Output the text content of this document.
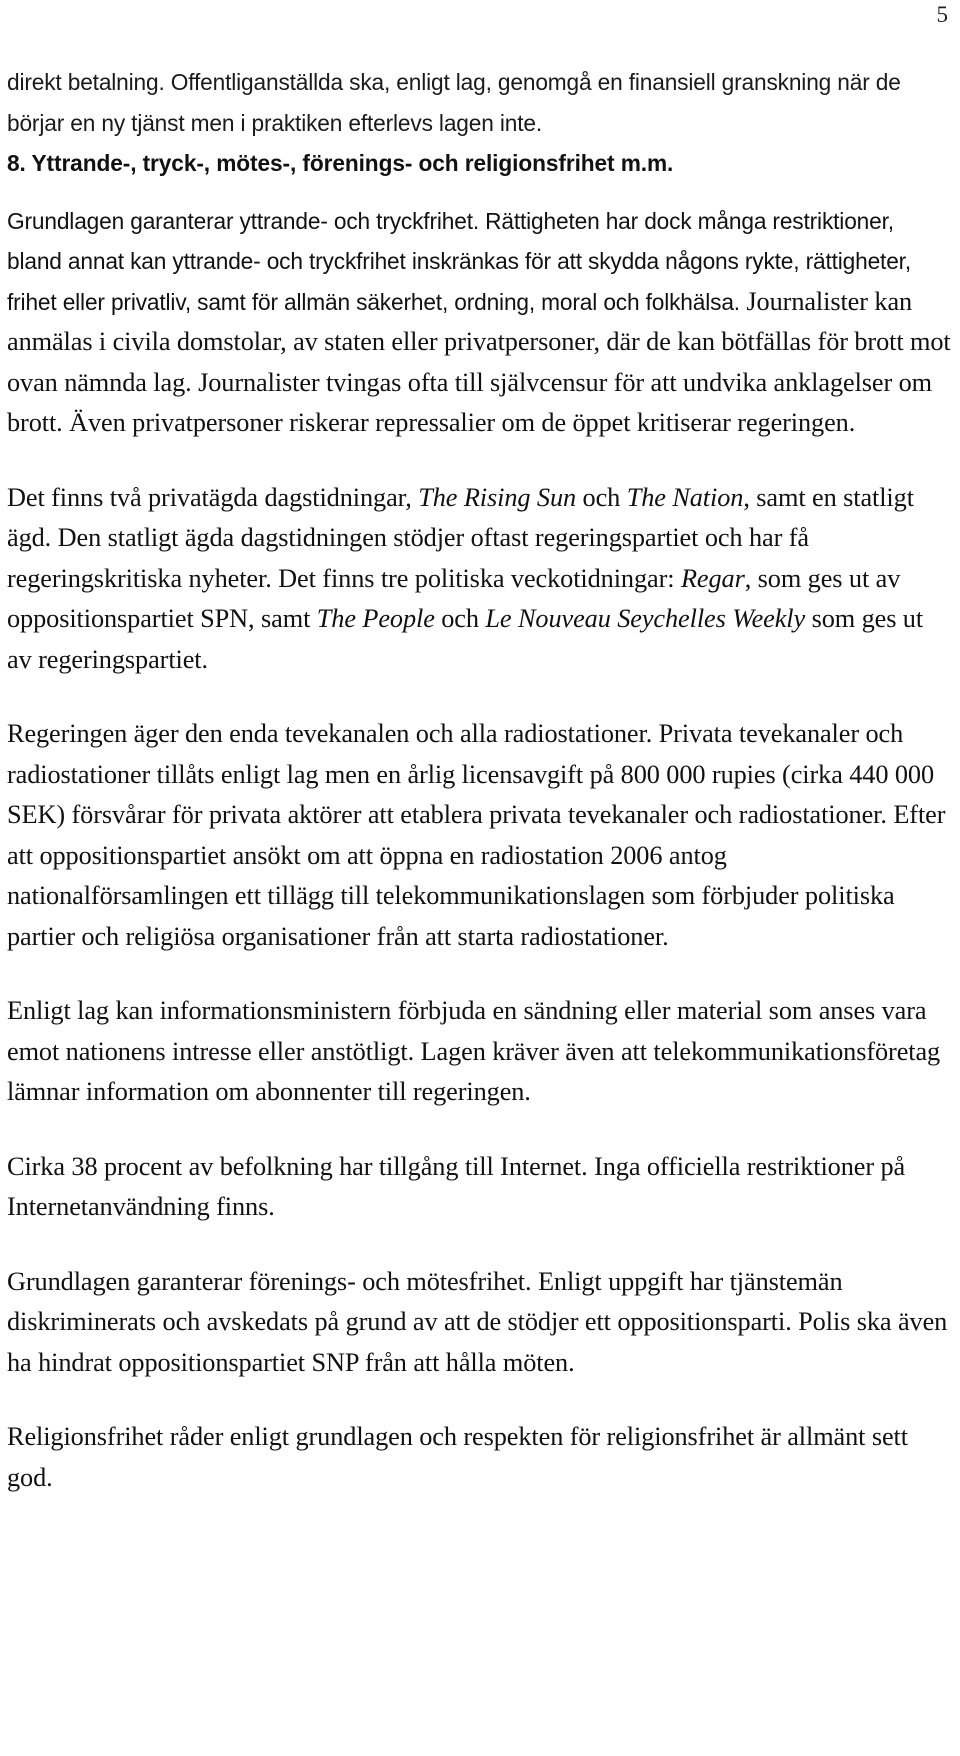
5

direkt betalning. Offentliganställda ska, enligt lag, genomgå en finansiell granskning när de börjar en ny tjänst men i praktiken efterlevs lagen inte.

8. Yttrande-, tryck-, mötes-, förenings- och religionsfrihet m.m.

Grundlagen garanterar yttrande- och tryckfrihet. Rättigheten har dock många restriktioner, bland annat kan yttrande- och tryckfrihet inskränkas för att skydda någons rykte, rättigheter, frihet eller privatliv, samt för allmän säkerhet, ordning, moral och folkhälsa. Journalister kan anmälas i civila domstolar, av staten eller privatpersoner, där de kan bötfällas för brott mot ovan nämnda lag. Journalister tvingas ofta till självcensur för att undvika anklagelser om brott. Även privatpersoner riskerar repressalier om de öppet kritiserar regeringen.

Det finns två privatägda dagstidningar, The Rising Sun och The Nation, samt en statligt ägd. Den statligt ägda dagstidningen stödjer oftast regeringspartiet och har få regeringskritiska nyheter. Det finns tre politiska veckotidningar: Regar, som ges ut av oppositionspartiet SPN, samt The People och Le Nouveau Seychelles Weekly som ges ut av regeringspartiet.

Regeringen äger den enda tevekanalen och alla radiostationer. Privata tevekanaler och radiostationer tillåts enligt lag men en årlig licensavgift på 800 000 rupies (cirka 440 000 SEK) försvårar för privata aktörer att etablera privata tevekanaler och radiostationer. Efter att oppositionspartiet ansökt om att öppna en radiostation 2006 antog nationalförsamlingen ett tillägg till telekommunikationslagen som förbjuder politiska partier och religiösa organisationer från att starta radiostationer.

Enligt lag kan informationsministern förbjuda en sändning eller material som anses vara emot nationens intresse eller anstötligt. Lagen kräver även att telekommunikationsföretag lämnar information om abonnenter till regeringen.

Cirka 38 procent av befolkning har tillgång till Internet. Inga officiella restriktioner på Internetanvändning finns.

Grundlagen garanterar förenings- och mötesfrihet. Enligt uppgift har tjänstemän diskriminerats och avskedats på grund av att de stödjer ett oppositionsparti. Polis ska även ha hindrat oppositionspartiet SNP från att hålla möten.

Religionsfrihet råder enligt grundlagen och respekten för religionsfrihet är allmänt sett god.
